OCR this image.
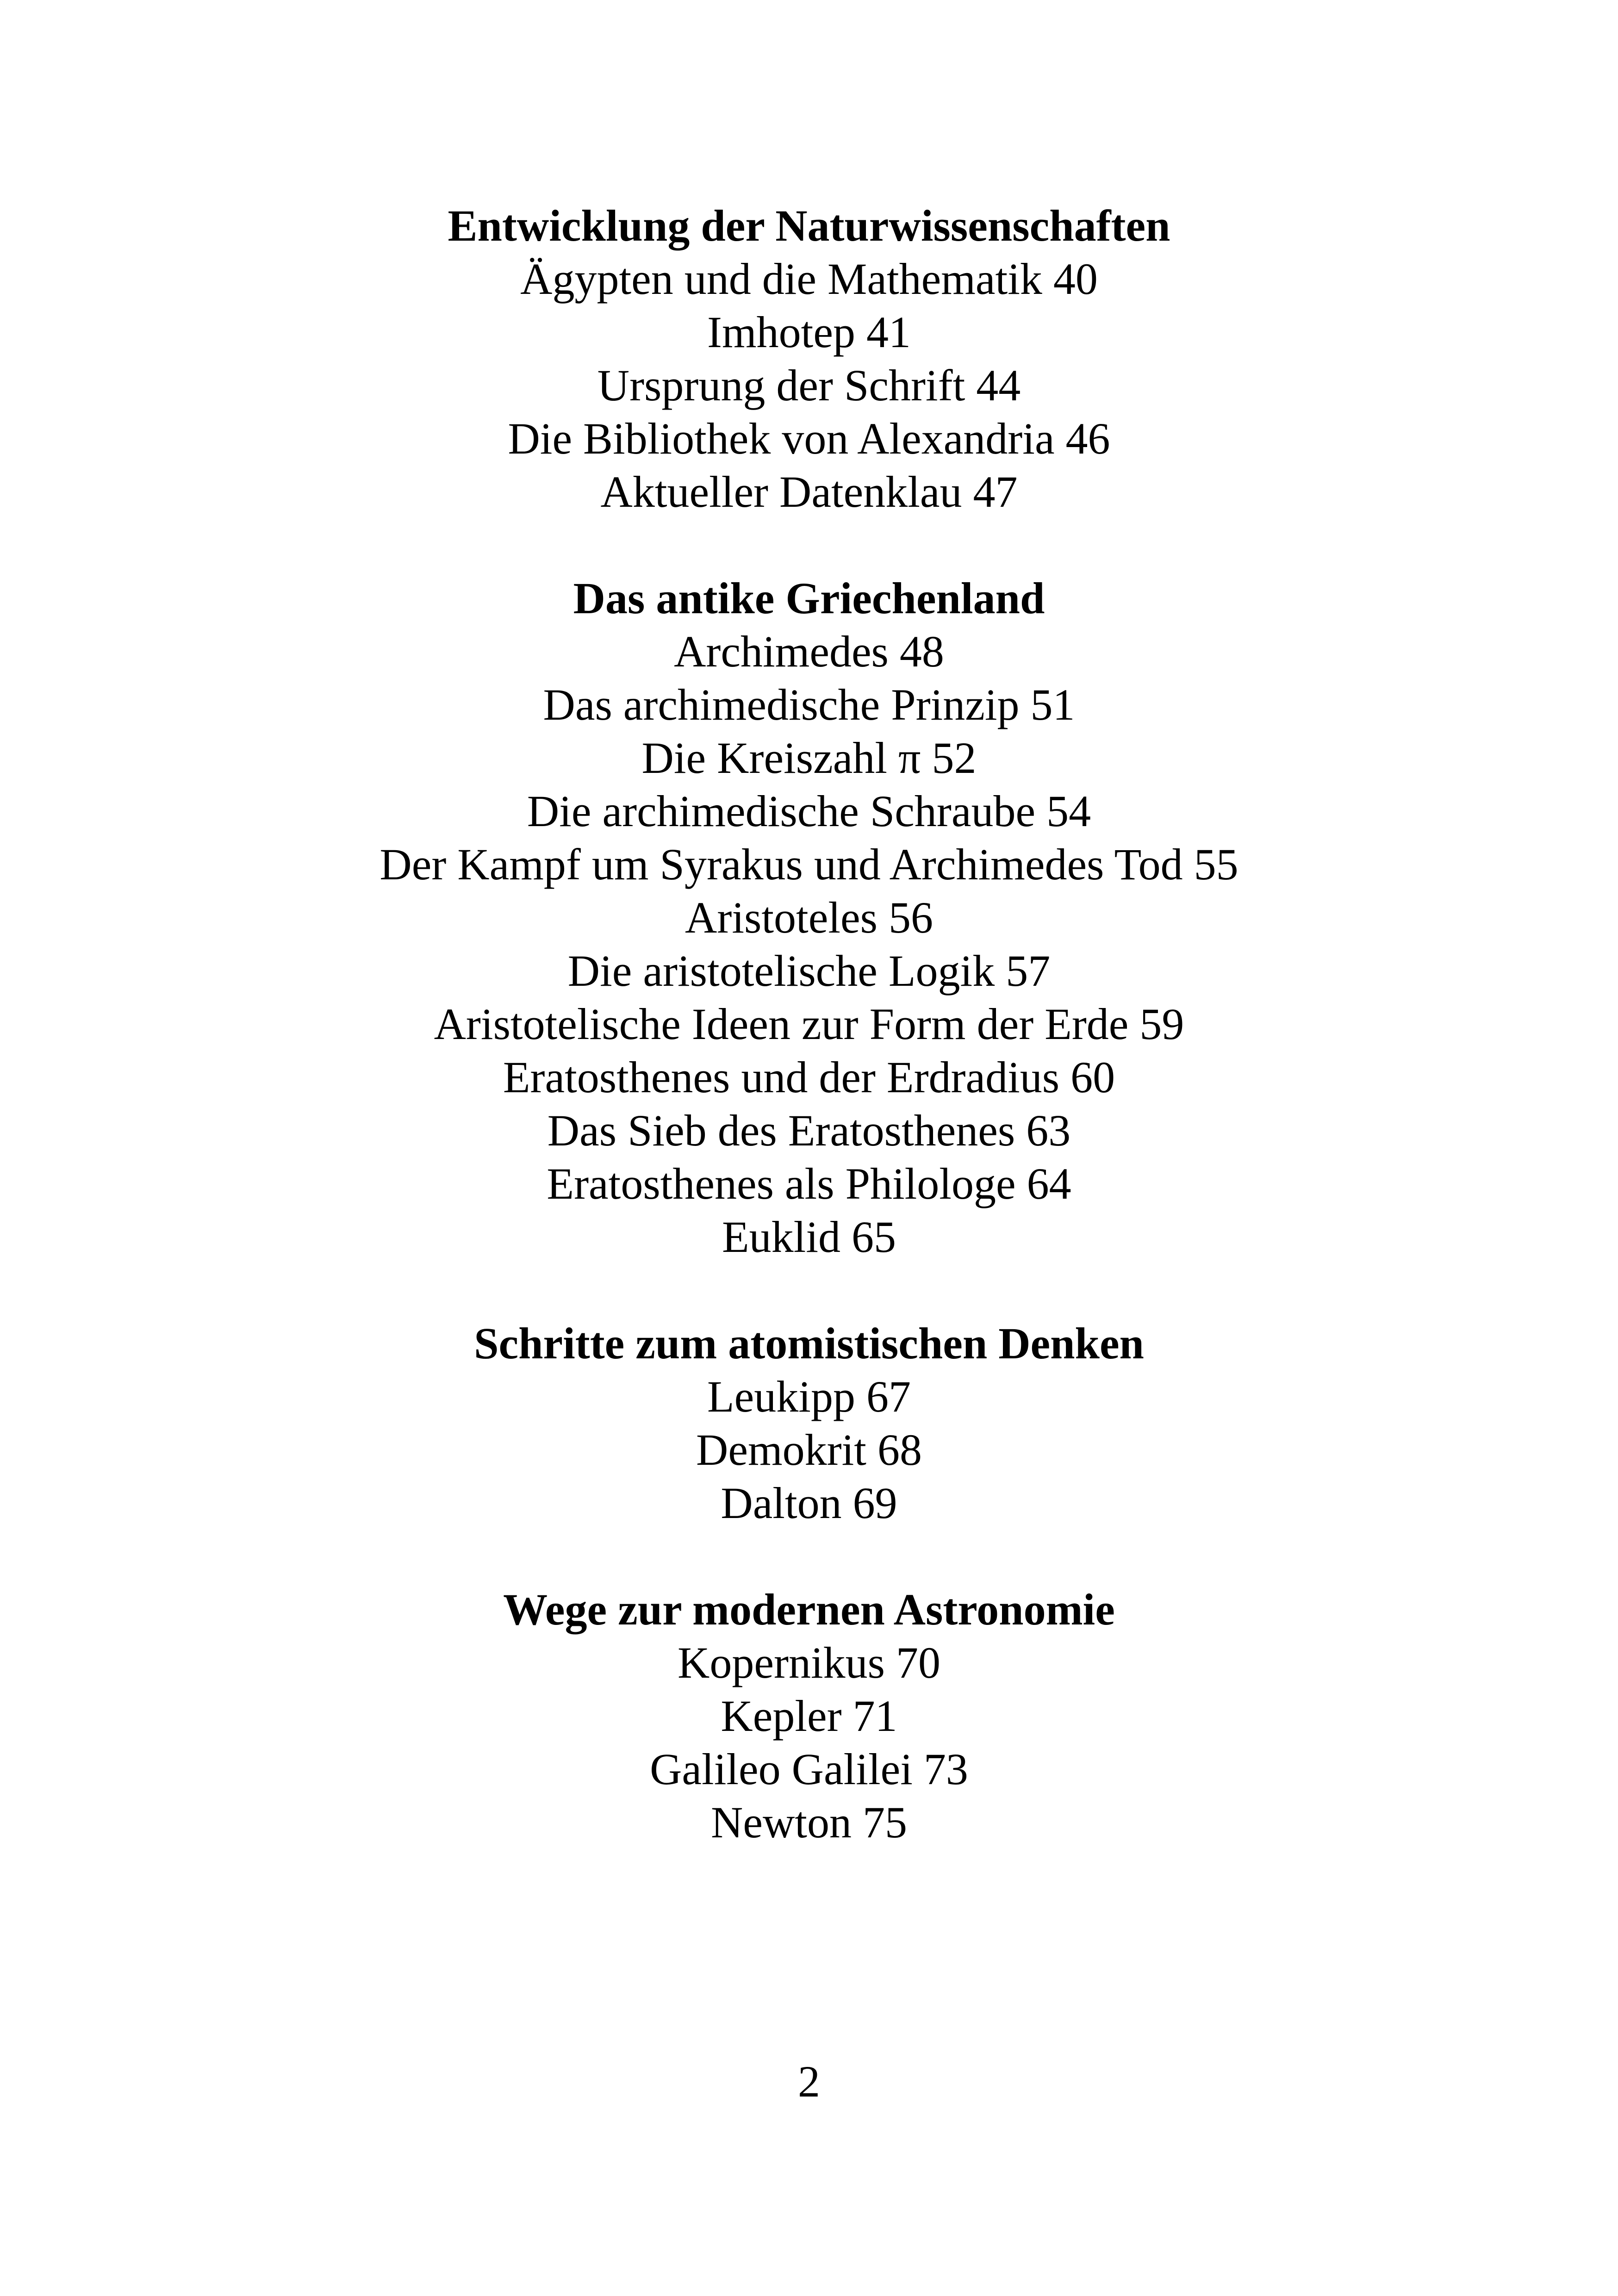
Entwicklung der Naturwissenschaften
Ägypten und die Mathematik 40
Imhotep 41
Ursprung der Schrift 44
Die Bibliothek von Alexandria 46
Aktueller Datenklau 47
Das antike Griechenland
Archimedes 48
Das archimedische Prinzip 51
Die Kreiszahl π 52
Die archimedische Schraube 54
Der Kampf um Syrakus und Archimedes Tod 55
Aristoteles 56
Die aristotelische Logik 57
Aristotelische Ideen zur Form der Erde 59
Eratosthenes und der Erdradius 60
Das Sieb des Eratosthenes 63
Eratosthenes als Philologe 64
Euklid 65
Schritte zum atomistischen Denken
Leukipp 67
Demokrit 68
Dalton 69
Wege zur modernen Astronomie
Kopernikus 70
Kepler 71
Galileo Galilei 73
Newton 75
2
